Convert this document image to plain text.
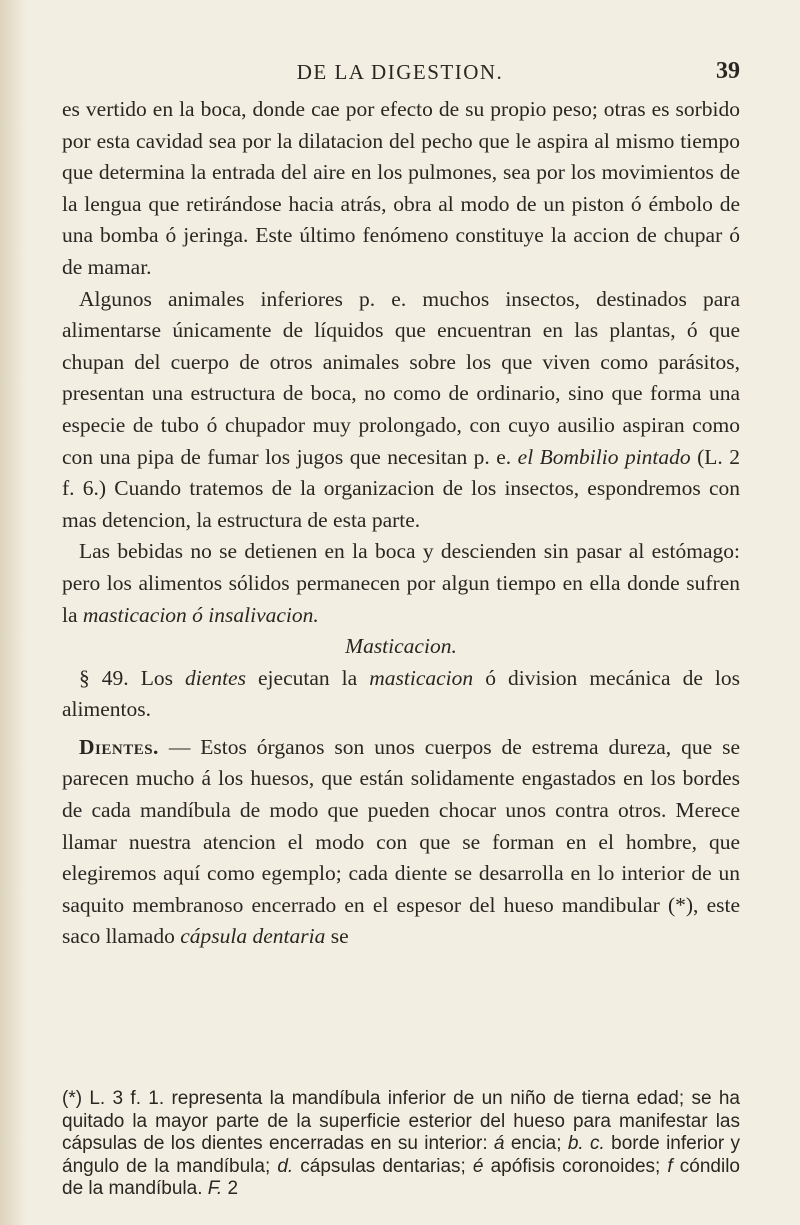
DE LA DIGESTION.	39

es vertido en la boca, donde cae por efecto de su propio peso; otras es sorbido por esta cavidad sea por la dilatacion del pecho que le aspira al mismo tiempo que determina la entrada del aire en los pulmones, sea por los movimientos de la lengua que retirándose hacia atrás, obra al modo de un piston ó émbolo de una bomba ó jeringa. Este último fenómeno constituye la accion de chupar ó de mamar.

Algunos animales inferiores p. e. muchos insectos, destinados para alimentarse únicamente de líquidos que encuentran en las plantas, ó que chupan del cuerpo de otros animales sobre los que viven como parásitos, presentan una estructura de boca, no como de ordinario, sino que forma una especie de tubo ó chupador muy prolongado, con cuyo ausilio aspiran como con una pipa de fumar los jugos que necesitan p. e. el Bombilio pintado (L. 2 f. 6.) Cuando tratemos de la organizacion de los insectos, espondremos con mas detencion, la estructura de esta parte.

Las bebidas no se detienen en la boca y descienden sin pasar al estómago: pero los alimentos sólidos permanecen por algun tiempo en ella donde sufren la masticacion ó insalivacion.

Masticacion.

§ 49. Los dientes ejecutan la masticacion ó division mecánica de los alimentos.

Dientes. — Estos órganos son unos cuerpos de estrema dureza, que se parecen mucho á los huesos, que están solidamente engastados en los bordes de cada mandíbula de modo que pueden chocar unos contra otros. Merece llamar nuestra atencion el modo con que se forman en el hombre, que elegiremos aquí como egemplo; cada diente se desarrolla en lo interior de un saquito membranoso encerrado en el espesor del hueso mandibular (*), este saco llamado cápsula dentaria se

(*) L. 3 f. 1. representa la mandíbula inferior de un niño de tierna edad; se ha quitado la mayor parte de la superficie esterior del hueso para manifestar las cápsulas de los dientes encerradas en su interior: á encia; b. c. borde inferior y ángulo de la mandíbula; d. cápsulas dentarias; é apófisis coronoides; f cóndilo de la mandíbula. F. 2
